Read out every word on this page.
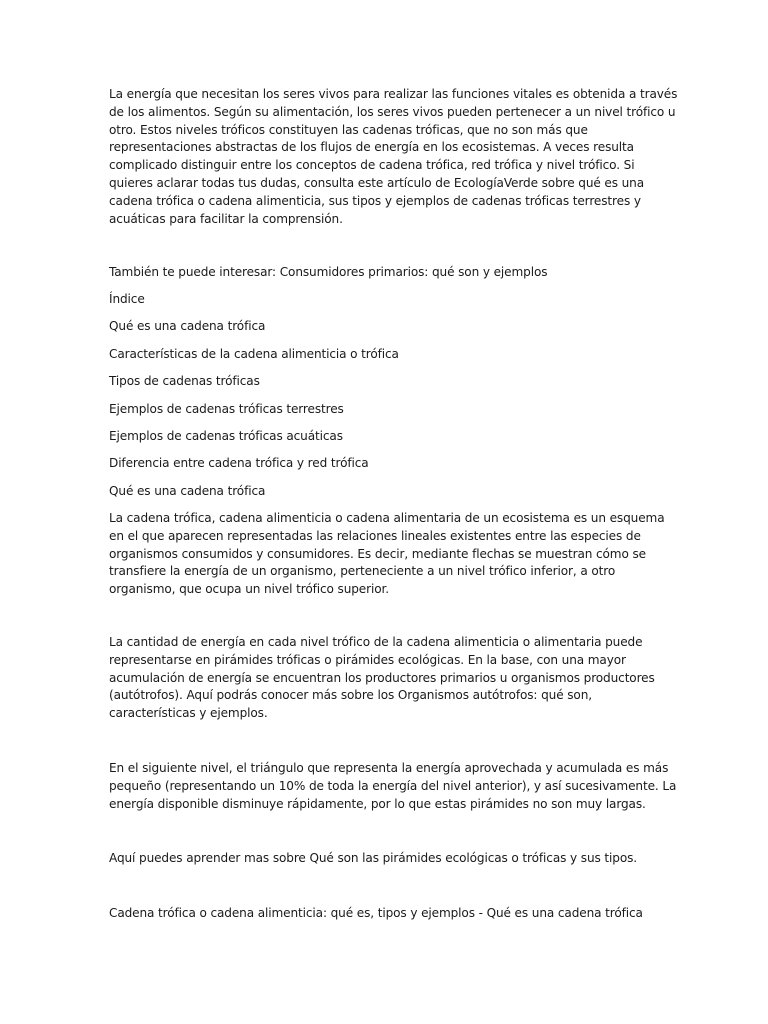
La energía que necesitan los seres vivos para realizar las funciones vitales es obtenida a través
de los alimentos. Según su alimentación, los seres vivos pueden pertenecer a un nivel trófico u
otro. Estos niveles tróficos constituyen las cadenas tróficas, que no son más que
representaciones abstractas de los flujos de energía en los ecosistemas. A veces resulta
complicado distinguir entre los conceptos de cadena trófica, red trófica y nivel trófico. Si
quieres aclarar todas tus dudas, consulta este artículo de EcologíaVerde sobre qué es una
cadena trófica o cadena alimenticia, sus tipos y ejemplos de cadenas tróficas terrestres y
acuáticas para facilitar la comprensión.
También te puede interesar: Consumidores primarios: qué son y ejemplos
Índice
Qué es una cadena trófica
Características de la cadena alimenticia o trófica
Tipos de cadenas tróficas
Ejemplos de cadenas tróficas terrestres
Ejemplos de cadenas tróficas acuáticas
Diferencia entre cadena trófica y red trófica
Qué es una cadena trófica
La cadena trófica, cadena alimenticia o cadena alimentaria de un ecosistema es un esquema
en el que aparecen representadas las relaciones lineales existentes entre las especies de
organismos consumidos y consumidores. Es decir, mediante flechas se muestran cómo se
transfiere la energía de un organismo, perteneciente a un nivel trófico inferior, a otro
organismo, que ocupa un nivel trófico superior.
La cantidad de energía en cada nivel trófico de la cadena alimenticia o alimentaria puede
representarse en pirámides tróficas o pirámides ecológicas. En la base, con una mayor
acumulación de energía se encuentran los productores primarios u organismos productores
(autótrofos). Aquí podrás conocer más sobre los Organismos autótrofos: qué son,
características y ejemplos.
En el siguiente nivel, el triángulo que representa la energía aprovechada y acumulada es más
pequeño (representando un 10% de toda la energía del nivel anterior), y así sucesivamente. La
energía disponible disminuye rápidamente, por lo que estas pirámides no son muy largas.
Aquí puedes aprender mas sobre Qué son las pirámides ecológicas o tróficas y sus tipos.
Cadena trófica o cadena alimenticia: qué es, tipos y ejemplos - Qué es una cadena trófica
